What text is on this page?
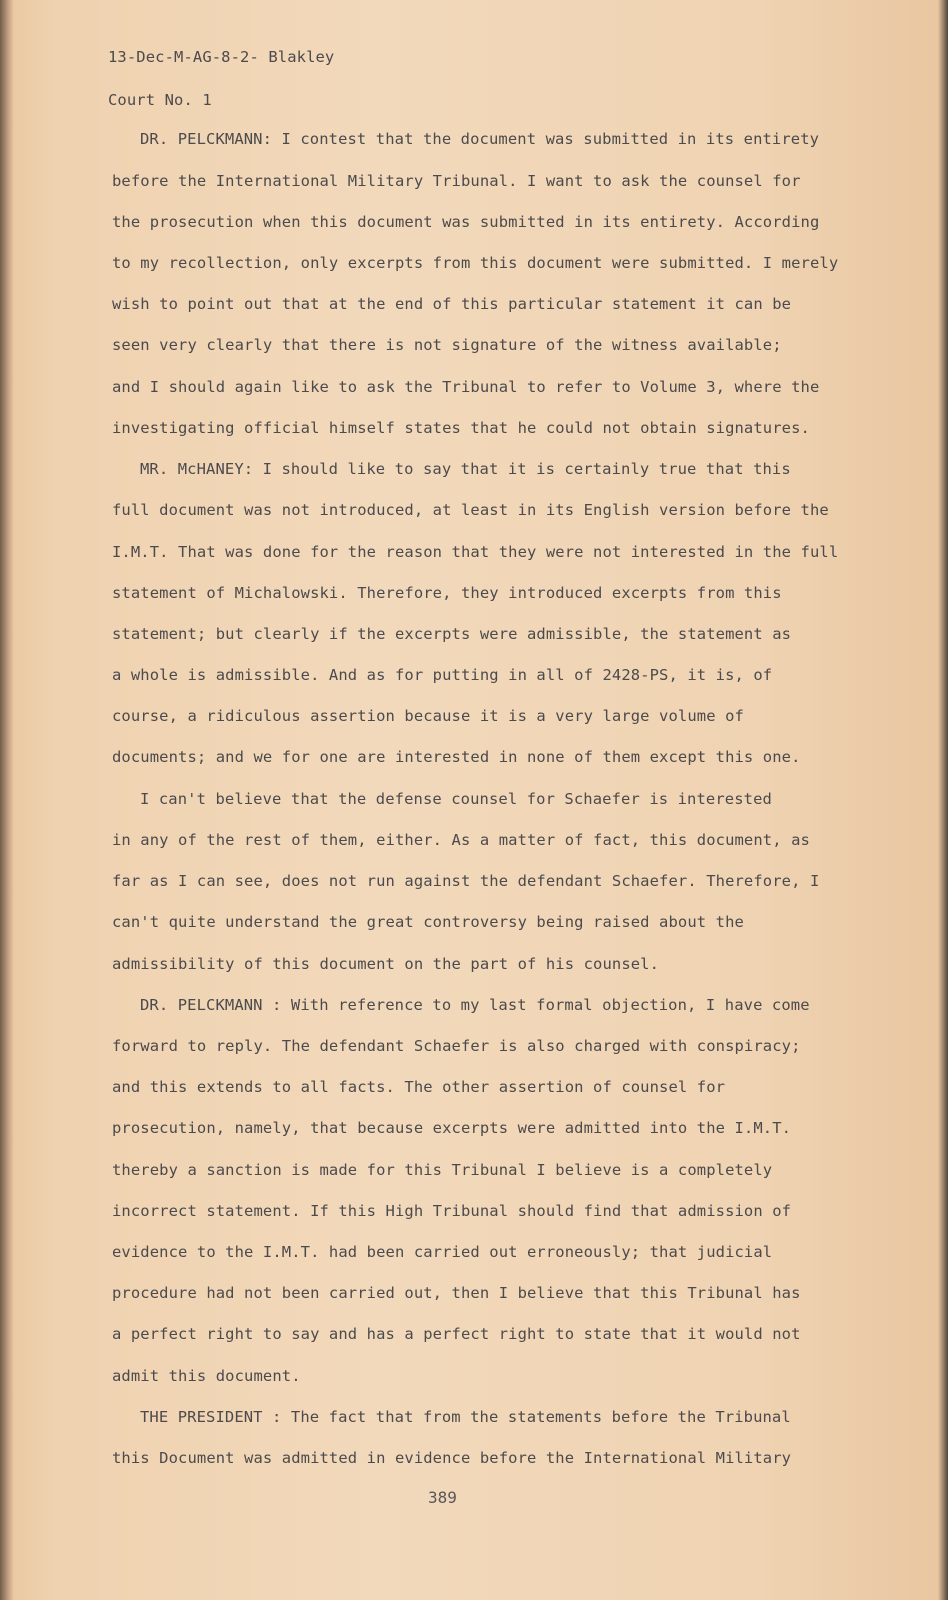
13-Dec-M-AG-8-2- Blakley
Court No. 1
DR. PELCKMANN: I contest that the document was submitted in its entirety
before the International Military Tribunal. I want to ask the counsel for
the prosecution when this document was submitted in its entirety. According
to my recollection, only excerpts from this document were submitted. I merely
wish to point out that at the end of this particular statement it can be
seen very clearly that there is not signature of the witness available;
and I should again like to ask the Tribunal to refer to Volume 3, where the
investigating official himself states that he could not obtain signatures.
MR. McHANEY: I should like to say that it is certainly true that this
full document was not introduced, at least in its English version before the
I.M.T. That was done for the reason that they were not interested in the full
statement of Michalowski. Therefore, they introduced excerpts from this
statement; but clearly if the excerpts were admissible, the statement as
a whole is admissible. And as for putting in all of 2428-PS, it is, of
course, a ridiculous assertion because it is a very large volume of
documents; and we for one are interested in none of them except this one.
I can't believe that the defense counsel for Schaefer is interested
in any of the rest of them, either. As a matter of fact, this document, as
far as I can see, does not run against the defendant Schaefer. Therefore, I
can't quite understand the great controversy being raised about the
admissibility of this document on the part of his counsel.
DR. PELCKMANN : With reference to my last formal objection, I have come
forward to reply. The defendant Schaefer is also charged with conspiracy;
and this extends to all facts. The other assertion of counsel for
prosecution, namely, that because excerpts were admitted into the I.M.T.
thereby a sanction is made for this Tribunal I believe is a completely
incorrect statement. If this High Tribunal should find that admission of
evidence to the I.M.T. had been carried out erroneously; that judicial
procedure had not been carried out, then I believe that this Tribunal has
a perfect right to say and has a perfect right to state that it would not
admit this document.
THE PRESIDENT : The fact that from the statements before the Tribunal
this Document was admitted in evidence before the International Military
389
